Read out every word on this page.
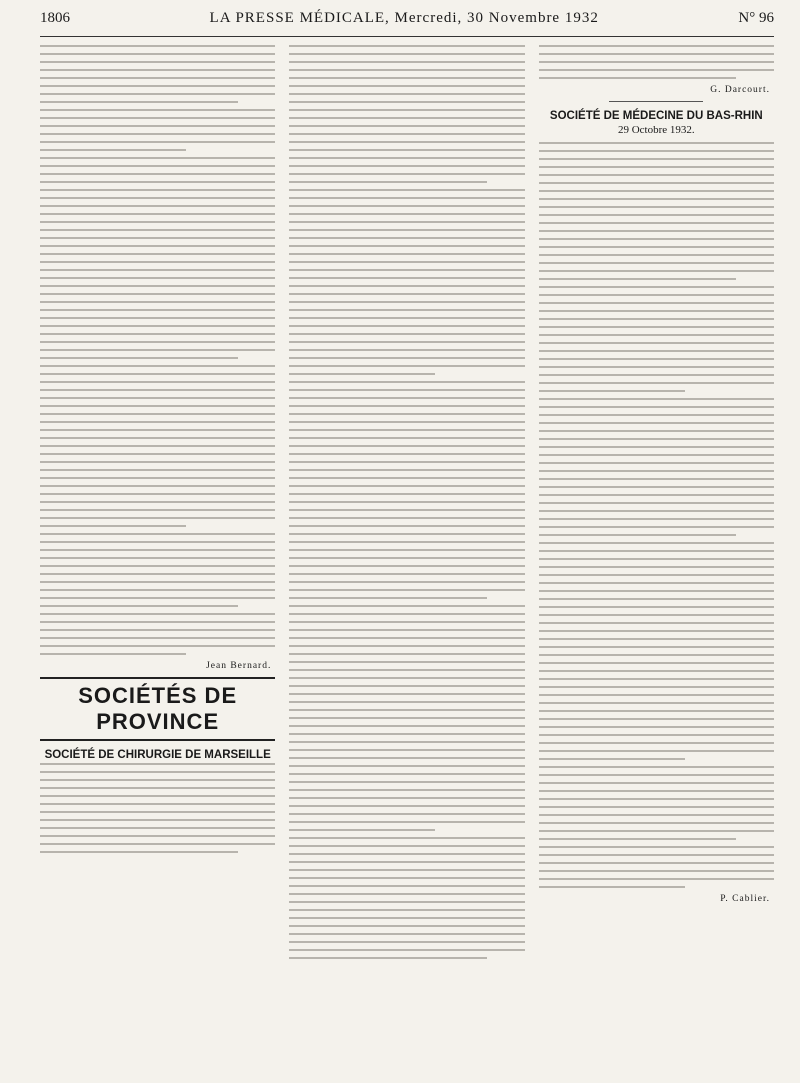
1806	LA PRESSE MÉDICALE, Mercredi, 30 Novembre 1932	N° 96
Jean Bernard.
SOCIÉTÉS DE PROVINCE
SOCIÉTÉ DE CHIRURGIE DE MARSEILLE
G. Darcourt.
SOCIÉTÉ DE MÉDECINE DU BAS-RHIN
29 Octobre 1932.
P. Cablier.
